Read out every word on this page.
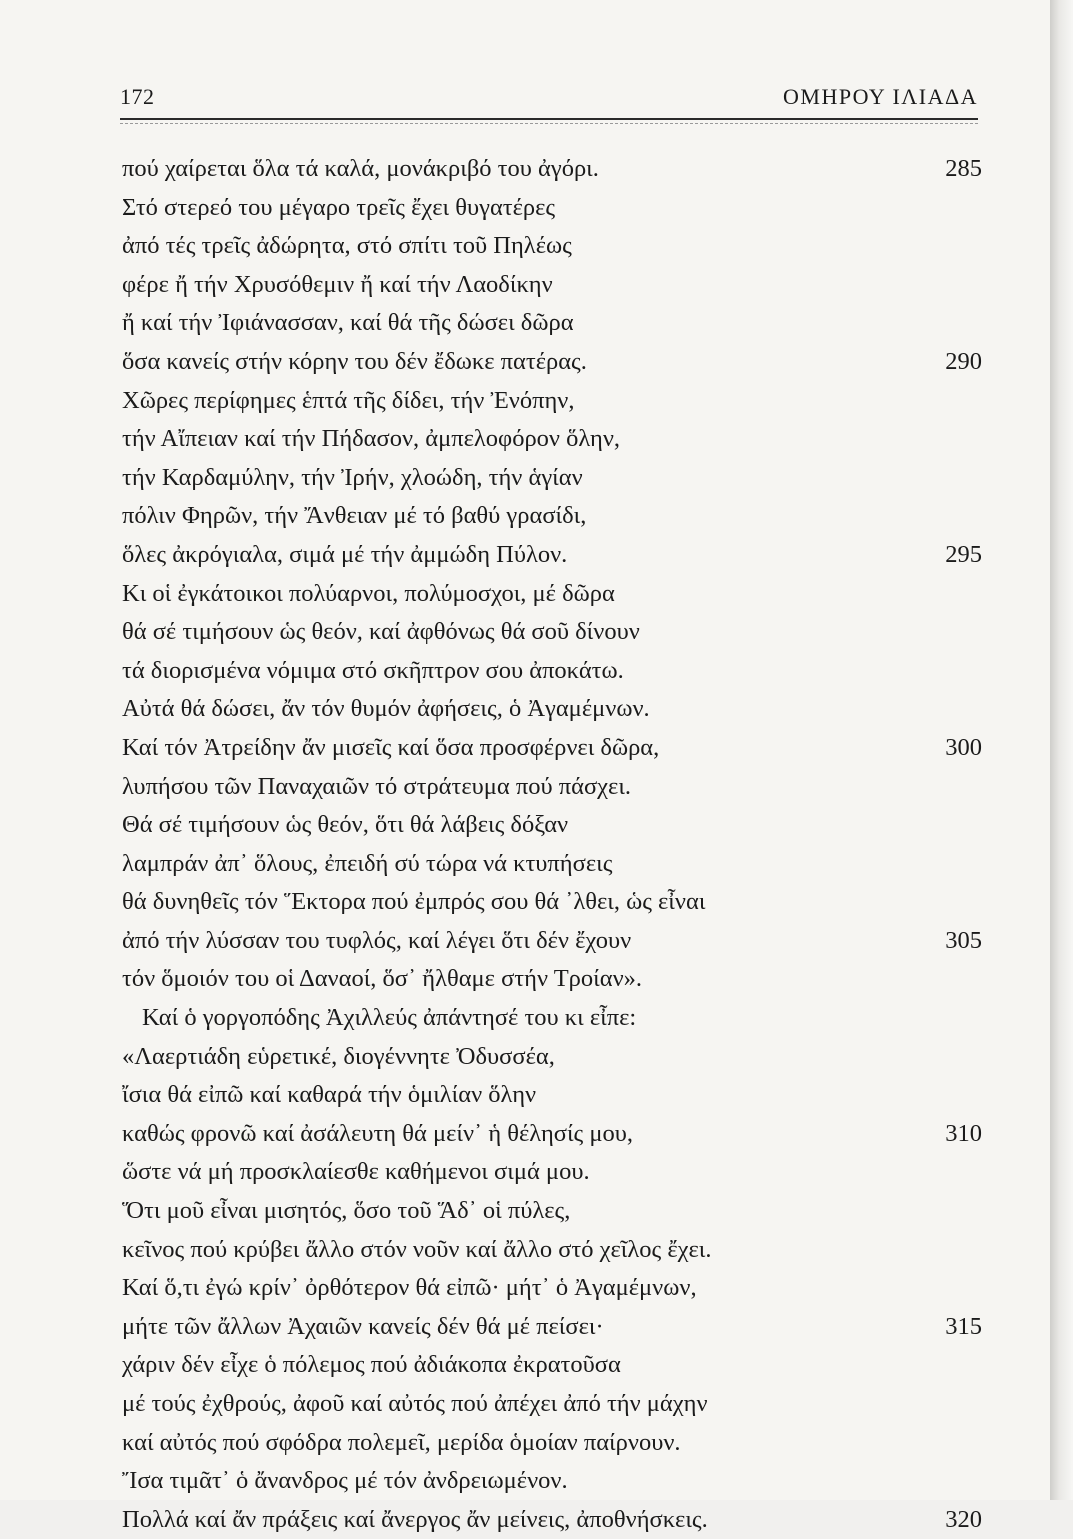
172	ΟΜΗΡΟΥ ΙΛΙΑΔΑ
πού χαίρεται ὅλα τά καλά, μονάκριβό του ἀγόρι.	285
Στό στερεό του μέγαρο τρεῖς ἔχει θυγατέρες
ἀπό τές τρεῖς ἀδώρητα, στό σπίτι τοῦ Πηλέως
φέρε ἤ τήν Χρυσόθεμιν ἤ καί τήν Λαοδίκην
ἤ καί τήν Ἰφιάνασσαν, καί θά τῆς δώσει δῶρα
ὅσα κανείς στήν κόρην του δέν ἔδωκε πατέρας.	290
Χῶρες περίφημες ἑπτά τῆς δίδει, τήν Ἐνόπην,
τήν Αἴπειαν καί τήν Πήδασον, ἀμπελοφόρον ὅλην,
τήν Καρδαμύλην, τήν Ἰρήν, χλοώδη, τήν ἁγίαν
πόλιν Φηρῶν, τήν Ἄνθειαν μέ τό βαθύ γρασίδι,
ὅλες ἀκρόγιαλα, σιμά μέ τήν ἀμμώδη Πύλον.	295
Κι οἱ ἐγκάτοικοι πολύαρνοι, πολύμοσχοι, μέ δῶρα
θά σέ τιμήσουν ὡς θεόν, καί ἀφθόνως θά σοῦ δίνουν
τά διορισμένα νόμιμα στό σκῆπτρον σου ἀποκάτω.
Αὐτά θά δώσει, ἄν τόν θυμόν ἀφήσεις, ὁ Ἀγαμέμνων.
Καί τόν Ἀτρείδην ἄν μισεῖς καί ὅσα προσφέρνει δῶρα,	300
λυπήσου τῶν Παναχαιῶν τό στράτευμα πού πάσχει.
Θά σέ τιμήσουν ὡς θεόν, ὅτι θά λάβεις δόξαν
λαμπράν ἀπ᾽ ὅλους, ἐπειδή σύ τώρα νά κτυπήσεις
θά δυνηθεῖς τόν Ἕκτορα πού ἐμπρός σου θά ᾽λθει, ὡς εἶναι
ἀπό τήν λύσσαν του τυφλός, καί λέγει ὅτι δέν ἔχουν	305
τόν ὅμοιόν του οἱ Δαναοί, ὅσ᾽ ἤλθαμε στήν Τροίαν».
Καί ὁ γοργοπόδης Ἀχιλλεύς ἀπάντησέ του κι εἶπε:
«Λαερτιάδη εὑρετικέ, διογέννητε Ὀδυσσέα,
ἴσια θά εἰπῶ καί καθαρά τήν ὁμιλίαν ὅλην
καθώς φρονῶ καί ἀσάλευτη θά μείν᾽ ἡ θέλησίς μου,	310
ὥστε νά μή προσκλαίεσθε καθήμενοι σιμά μου.
Ὅτι μοῦ εἶναι μισητός, ὅσο τοῦ Ἅδ᾽ οἱ πύλες,
κεῖνος πού κρύβει ἄλλο στόν νοῦν καί ἄλλο στό χεῖλος ἔχει.
Καί ὅ,τι ἐγώ κρίν᾽ ὀρθότερον θά εἰπῶ· μήτ᾽ ὁ Ἀγαμέμνων,
μήτε τῶν ἄλλων Ἀχαιῶν κανείς δέν θά μέ πείσει·	315
χάριν δέν εἶχε ὁ πόλεμος πού ἀδιάκοπα ἐκρατοῦσα
μέ τούς ἐχθρούς, ἀφοῦ καί αὐτός πού ἀπέχει ἀπό τήν μάχην
καί αὐτός πού σφόδρα πολεμεῖ, μερίδα ὁμοίαν παίρνουν.
Ἴσα τιμᾶτ᾽ ὁ ἄνανδρος μέ τόν ἀνδρειωμένον.
Πολλά καί ἄν πράξεις καί ἄνεργος ἄν μείνεις, ἀποθνήσκεις.	320
